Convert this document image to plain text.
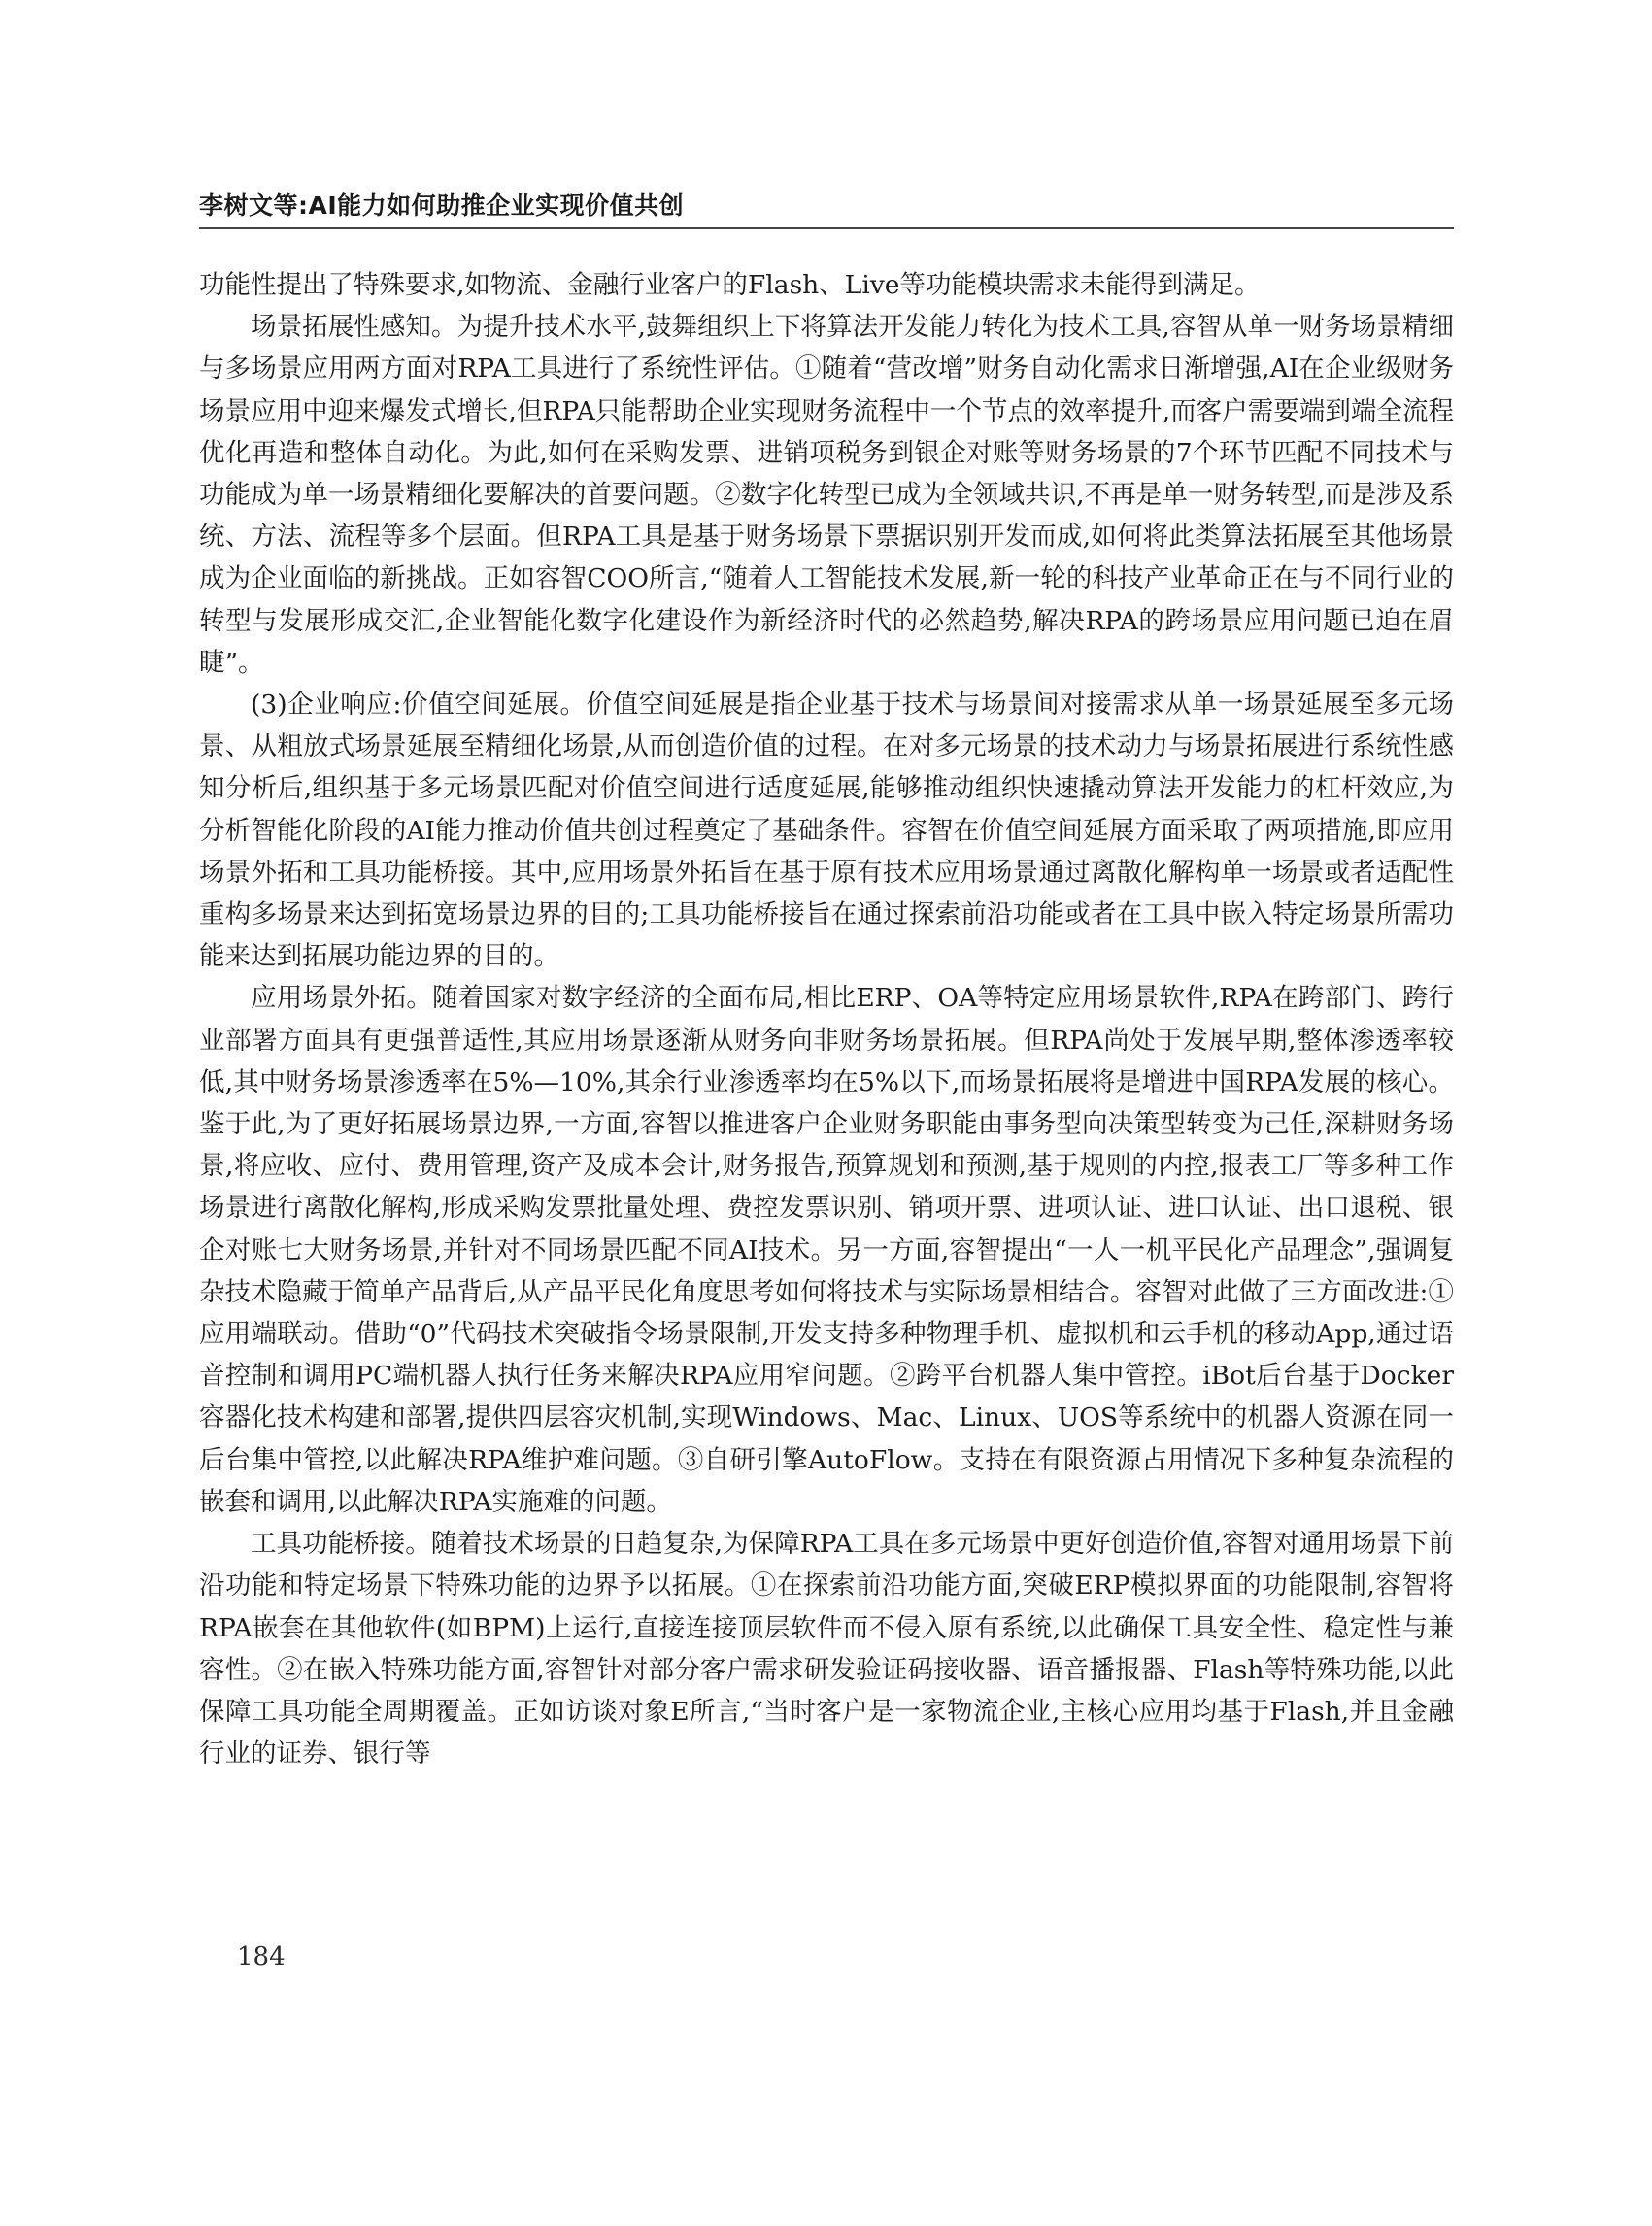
李树文等:AI能力如何助推企业实现价值共创

功能性提出了特殊要求,如物流、金融行业客户的Flash、Live等功能模块需求未能得到满足。

场景拓展性感知。为提升技术水平,鼓舞组织上下将算法开发能力转化为技术工具,容智从单一财务场景精细与多场景应用两方面对RPA工具进行了系统性评估。①随着“营改增”财务自动化需求日渐增强,AI在企业级财务场景应用中迎来爆发式增长,但RPA只能帮助企业实现财务流程中一个节点的效率提升,而客户需要端到端全流程优化再造和整体自动化。为此,如何在采购发票、进销项税务到银企对账等财务场景的7个环节匹配不同技术与功能成为单一场景精细化要解决的首要问题。②数字化转型已成为全领域共识,不再是单一财务转型,而是涉及系统、方法、流程等多个层面。但RPA工具是基于财务场景下票据识别开发而成,如何将此类算法拓展至其他场景成为企业面临的新挑战。正如容智COO所言,“随着人工智能技术发展,新一轮的科技产业革命正在与不同行业的转型与发展形成交汇,企业智能化数字化建设作为新经济时代的必然趋势,解决RPA的跨场景应用问题已迫在眉睫”。

(3)企业响应:价值空间延展。价值空间延展是指企业基于技术与场景间对接需求从单一场景延展至多元场景、从粗放式场景延展至精细化场景,从而创造价值的过程。在对多元场景的技术动力与场景拓展进行系统性感知分析后,组织基于多元场景匹配对价值空间进行适度延展,能够推动组织快速撬动算法开发能力的杠杆效应,为分析智能化阶段的AI能力推动价值共创过程奠定了基础条件。容智在价值空间延展方面采取了两项措施,即应用场景外拓和工具功能桥接。其中,应用场景外拓旨在基于原有技术应用场景通过离散化解构单一场景或者适配性重构多场景来达到拓宽场景边界的目的;工具功能桥接旨在通过探索前沿功能或者在工具中嵌入特定场景所需功能来达到拓展功能边界的目的。

应用场景外拓。随着国家对数字经济的全面布局,相比ERP、OA等特定应用场景软件,RPA在跨部门、跨行业部署方面具有更强普适性,其应用场景逐渐从财务向非财务场景拓展。但RPA尚处于发展早期,整体渗透率较低,其中财务场景渗透率在5%—10%,其余行业渗透率均在5%以下,而场景拓展将是增进中国RPA发展的核心。鉴于此,为了更好拓展场景边界,一方面,容智以推进客户企业财务职能由事务型向决策型转变为己任,深耕财务场景,将应收、应付、费用管理,资产及成本会计,财务报告,预算规划和预测,基于规则的内控,报表工厂等多种工作场景进行离散化解构,形成采购发票批量处理、费控发票识别、销项开票、进项认证、进口认证、出口退税、银企对账七大财务场景,并针对不同场景匹配不同AI技术。另一方面,容智提出“一人一机平民化产品理念”,强调复杂技术隐藏于简单产品背后,从产品平民化角度思考如何将技术与实际场景相结合。容智对此做了三方面改进:①应用端联动。借助“0”代码技术突破指令场景限制,开发支持多种物理手机、虚拟机和云手机的移动App,通过语音控制和调用PC端机器人执行任务来解决RPA应用窄问题。②跨平台机器人集中管控。iBot后台基于Docker容器化技术构建和部署,提供四层容灾机制,实现Windows、Mac、Linux、UOS等系统中的机器人资源在同一后台集中管控,以此解决RPA维护难问题。③自研引擎AutoFlow。支持在有限资源占用情况下多种复杂流程的嵌套和调用,以此解决RPA实施难的问题。

工具功能桥接。随着技术场景的日趋复杂,为保障RPA工具在多元场景中更好创造价值,容智对通用场景下前沿功能和特定场景下特殊功能的边界予以拓展。①在探索前沿功能方面,突破ERP模拟界面的功能限制,容智将RPA嵌套在其他软件(如BPM)上运行,直接连接顶层软件而不侵入原有系统,以此确保工具安全性、稳定性与兼容性。②在嵌入特殊功能方面,容智针对部分客户需求研发验证码接收器、语音播报器、Flash等特殊功能,以此保障工具功能全周期覆盖。正如访谈对象E所言,“当时客户是一家物流企业,主核心应用均基于Flash,并且金融行业的证券、银行等

184
